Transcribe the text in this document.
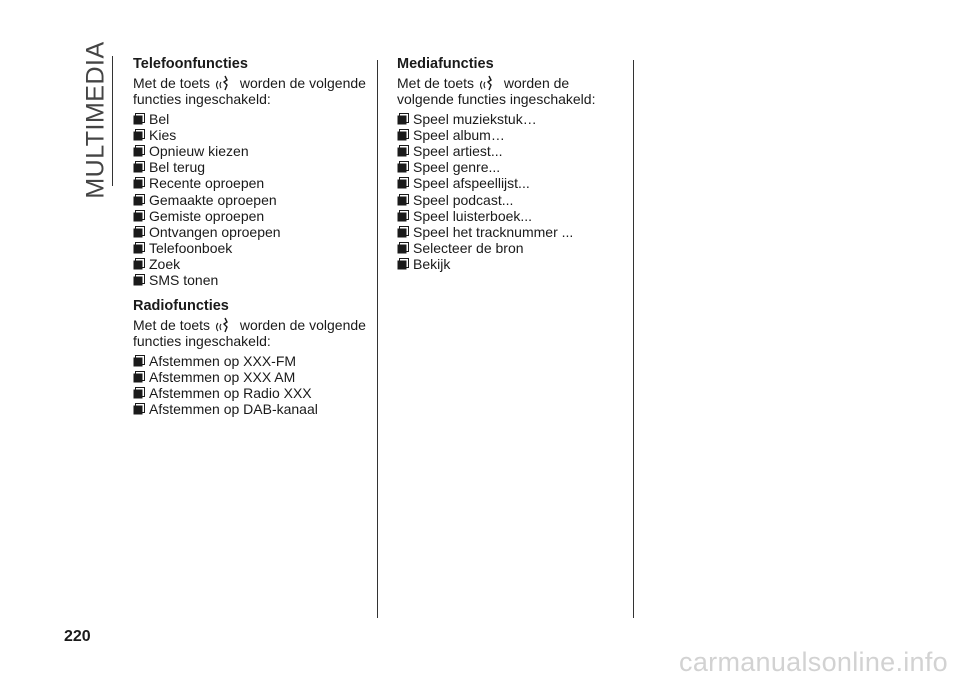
MULTIMEDIA Telefoonfuncties
Met de toets worden de volgende functies ingeschakeld:
Bel
Kies
Opnieuw kiezen
Bel terug
Recente oproepen
Gemaakte oproepen
Gemiste oproepen
Ontvangen oproepen
Telefoonboek
Zoek
SMS tonen
Radiofuncties
Met de toets worden de volgende functies ingeschakeld:
Afstemmen op XXX-FM
Afstemmen op XXX AM
Afstemmen op Radio XXX
Afstemmen op DAB-kanaal
Mediafuncties
Met de toets worden de volgende functies ingeschakeld:
Speel muziekstuk…
Speel album…
Speel artiest...
Speel genre...
Speel afspeellijst...
Speel podcast...
Speel luisterboek...
Speel het tracknummer ...
Selecteer de bron
Bekijk
220
carmanualsonline.info
